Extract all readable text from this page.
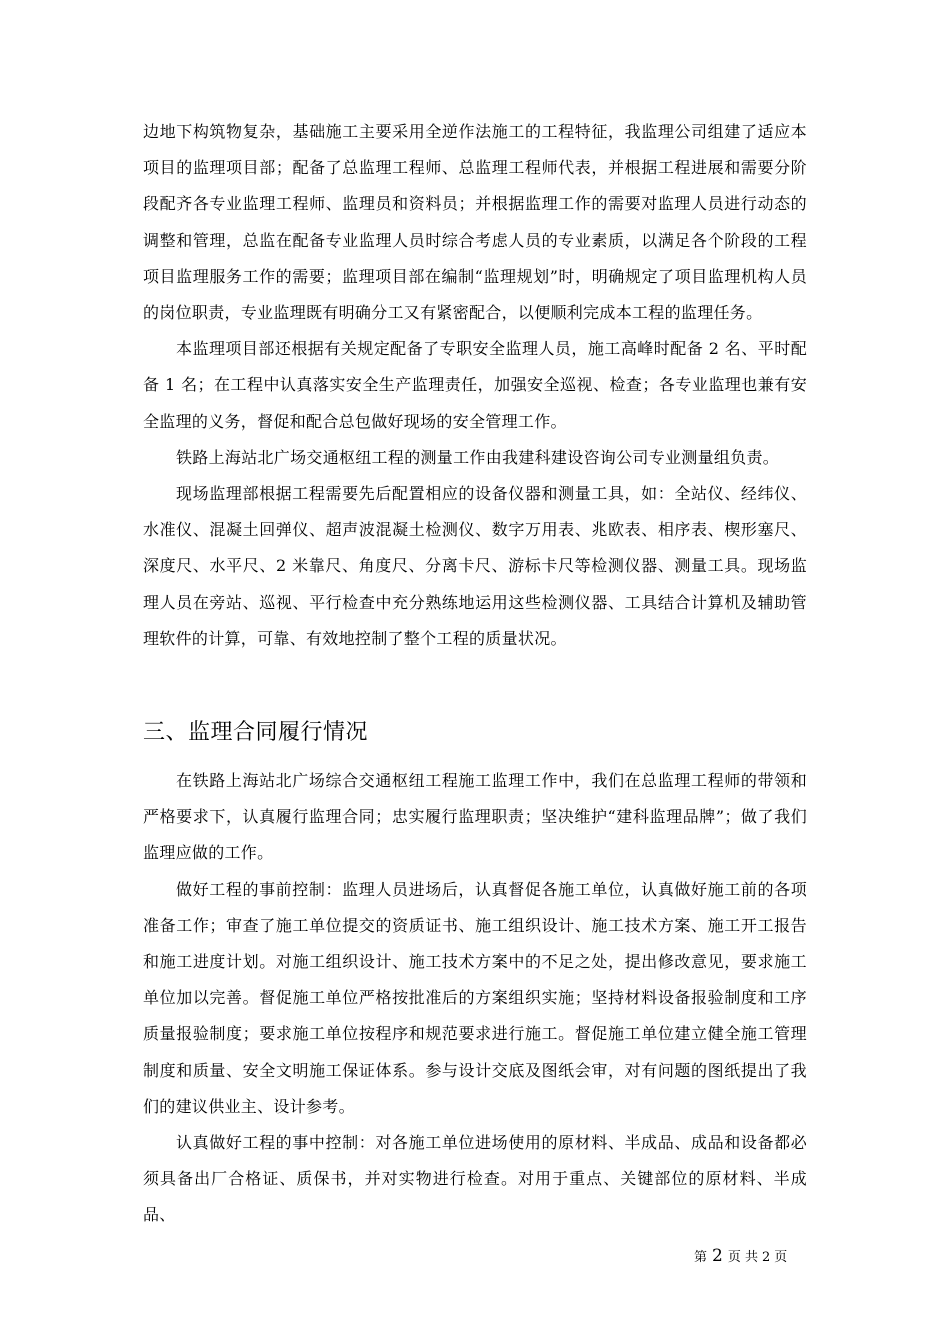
边地下构筑物复杂，基础施工主要采用全逆作法施工的工程特征，我监理公司组建了适应本项目的监理项目部；配备了总监理工程师、总监理工程师代表，并根据工程进展和需要分阶段配齐各专业监理工程师、监理员和资料员；并根据监理工作的需要对监理人员进行动态的调整和管理，总监在配备专业监理人员时综合考虑人员的专业素质，以满足各个阶段的工程项目监理服务工作的需要；监理项目部在编制“监理规划”时，明确规定了项目监理机构人员的岗位职责，专业监理既有明确分工又有紧密配合，以便顺利完成本工程的监理任务。

本监理项目部还根据有关规定配备了专职安全监理人员，施工高峰时配备 2 名、平时配备 1 名；在工程中认真落实安全生产监理责任，加强安全巡视、检查；各专业监理也兼有安全监理的义务，督促和配合总包做好现场的安全管理工作。

铁路上海站北广场交通枢纽工程的测量工作由我建科建设咨询公司专业测量组负责。

现场监理部根据工程需要先后配置相应的设备仪器和测量工具，如：全站仪、经纬仪、水准仪、混凝土回弹仪、超声波混凝土检测仪、数字万用表、兆欧表、相序表、楔形塞尺、深度尺、水平尺、2 米靠尺、角度尺、分离卡尺、游标卡尺等检测仪器、测量工具。现场监理人员在旁站、巡视、平行检查中充分熟练地运用这些检测仪器、工具结合计算机及辅助管理软件的计算，可靠、有效地控制了整个工程的质量状况。

三、监理合同履行情况

在铁路上海站北广场综合交通枢纽工程施工监理工作中，我们在总监理工程师的带领和严格要求下，认真履行监理合同；忠实履行监理职责；坚决维护“建科监理品牌”；做了我们监理应做的工作。

做好工程的事前控制：监理人员进场后，认真督促各施工单位，认真做好施工前的各项准备工作；审查了施工单位提交的资质证书、施工组织设计、施工技术方案、施工开工报告和施工进度计划。对施工组织设计、施工技术方案中的不足之处，提出修改意见，要求施工单位加以完善。督促施工单位严格按批准后的方案组织实施；坚持材料设备报验制度和工序质量报验制度；要求施工单位按程序和规范要求进行施工。督促施工单位建立健全施工管理制度和质量、安全文明施工保证体系。参与设计交底及图纸会审，对有问题的图纸提出了我们的建议供业主、设计参考。

认真做好工程的事中控制：对各施工单位进场使用的原材料、半成品、成品和设备都必须具备出厂合格证、质保书，并对实物进行检查。对用于重点、关键部位的原材料、半成品、

第 2 页 共 2 页
